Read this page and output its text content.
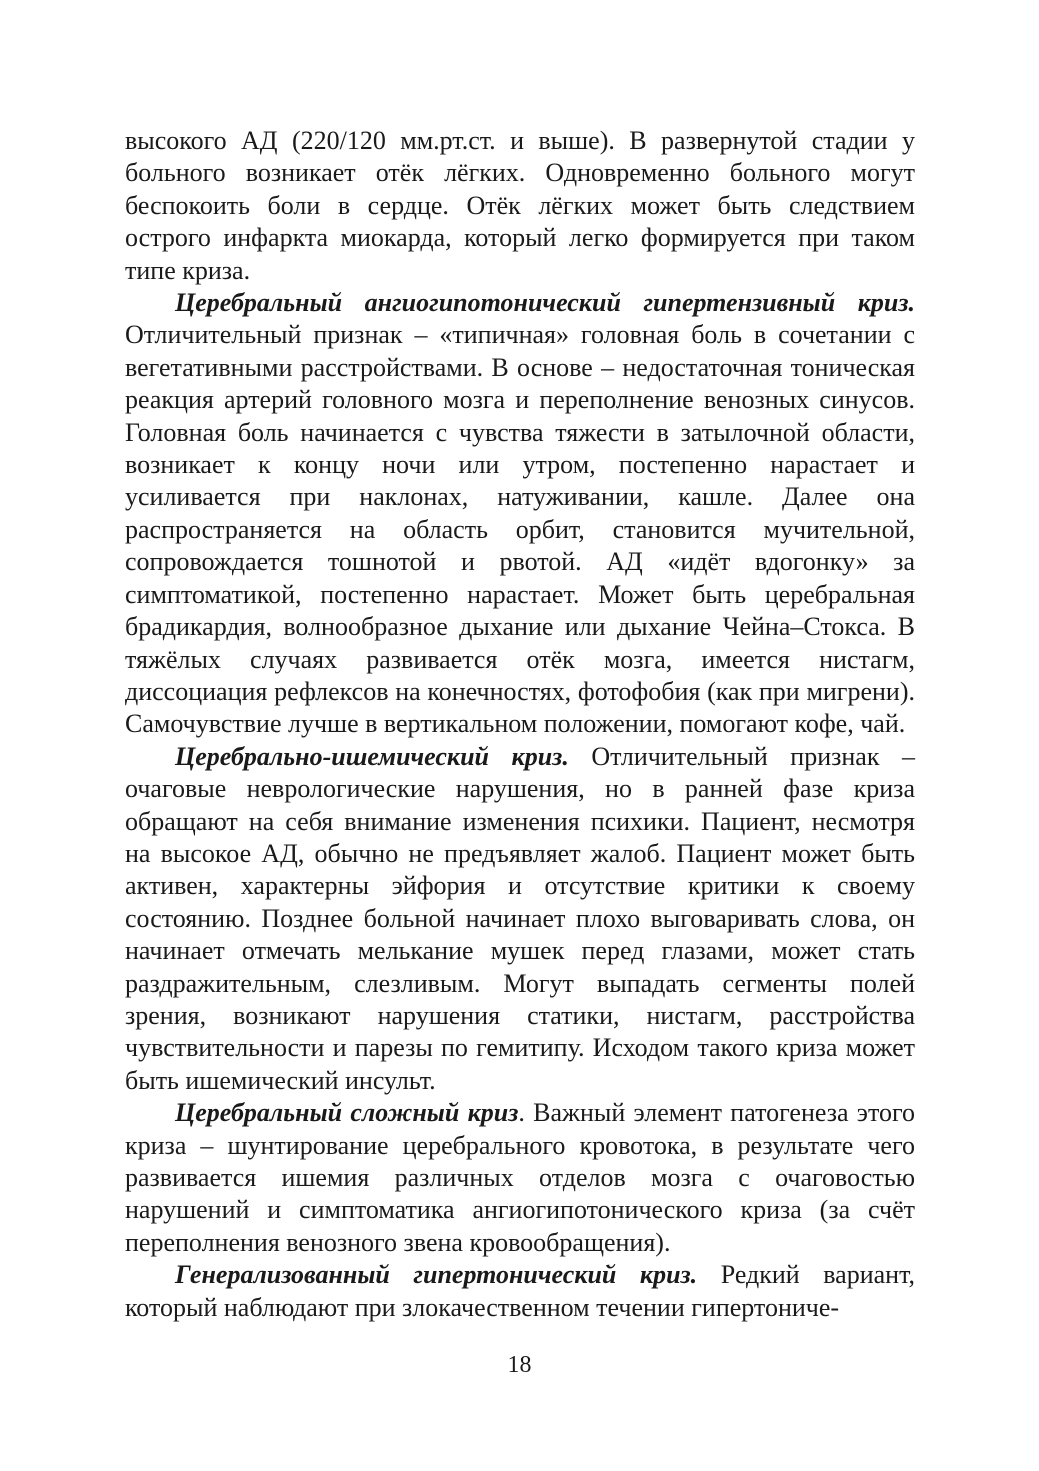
высокого АД (220/120 мм.рт.ст. и выше). В развернутой стадии у больного возникает отёк лёгких. Одновременно больного могут беспокоить боли в сердце. Отёк лёгких может быть следствием острого инфаркта миокарда, который легко формируется при таком типе криза.

Церебральный ангиогипотонический гипертензивный криз. Отличительный признак – «типичная» головная боль в сочетании с вегетативными расстройствами. В основе – недостаточная тоническая реакция артерий головного мозга и переполнение венозных синусов. Головная боль начинается с чувства тяжести в затылочной области, возникает к концу ночи или утром, постепенно нарастает и усиливается при наклонах, натуживании, кашле. Далее она распространяется на область орбит, становится мучительной, сопровождается тошнотой и рвотой. АД «идёт вдогонку» за симптоматикой, постепенно нарастает. Может быть церебральная брадикардия, волнообразное дыхание или дыхание Чейна–Стокса. В тяжёлых случаях развивается отёк мозга, имеется нистагм, диссоциация рефлексов на конечностях, фотофобия (как при мигрени). Самочувствие лучше в вертикальном положении, помогают кофе, чай.

Церебрально-ишемический криз. Отличительный признак – очаговые неврологические нарушения, но в ранней фазе криза обращают на себя внимание изменения психики. Пациент, несмотря на высокое АД, обычно не предъявляет жалоб. Пациент может быть активен, характерны эйфория и отсутствие критики к своему состоянию. Позднее больной начинает плохо выговаривать слова, он начинает отмечать мелькание мушек перед глазами, может стать раздражительным, слезливым. Могут выпадать сегменты полей зрения, возникают нарушения статики, нистагм, расстройства чувствительности и парезы по гемитипу. Исходом такого криза может быть ишемический инсульт.

Церебральный сложный криз. Важный элемент патогенеза этого криза – шунтирование церебрального кровотока, в результате чего развивается ишемия различных отделов мозга с очаговостью нарушений и симптоматика ангиогипотонического криза (за счёт переполнения венозного звена кровообращения).

Генерализованный гипертонический криз. Редкий вариант, который наблюдают при злокачественном течении гипертониче-

18
